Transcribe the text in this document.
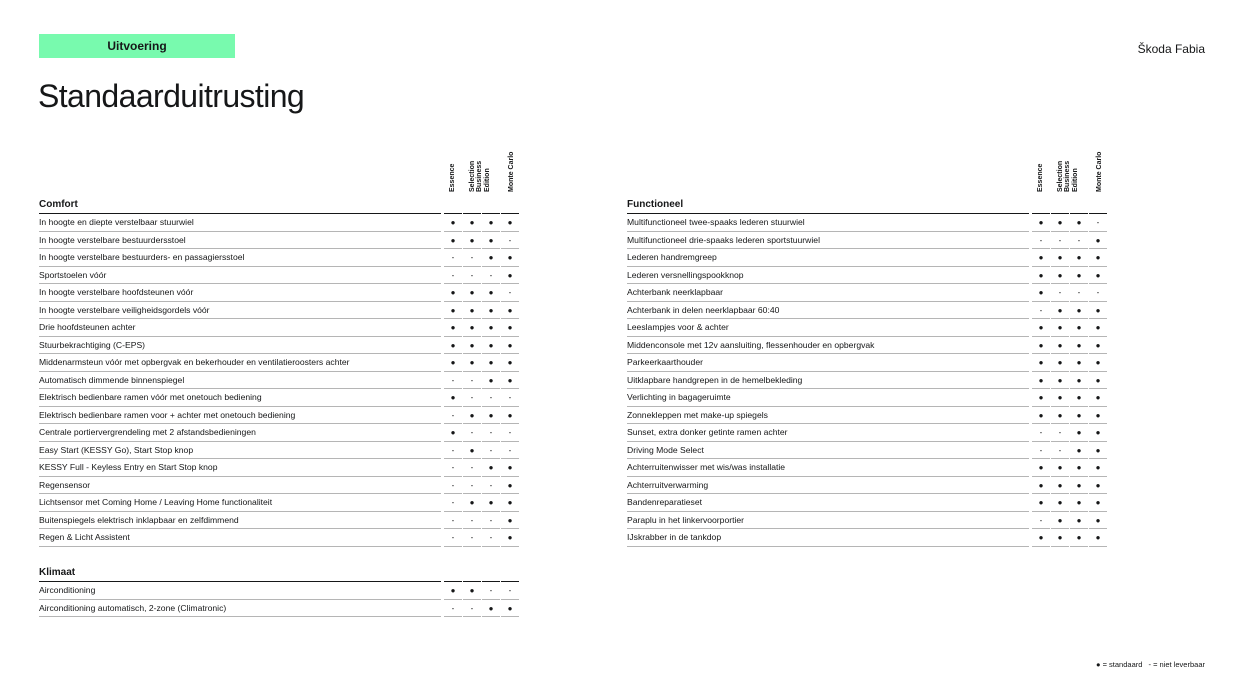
Uitvoering	Škoda Fabia
Standaarduitrusting
Essence Selection Business Edition Monte Carlo	Essence Selection Business Edition Monte Carlo
Comfort
In hoogte en diepte verstelbaar stuurwiel	●	●	●	●
In hoogte verstelbare bestuurdersstoel	●	●	●	-
In hoogte verstelbare bestuurders- en passagiersstoel	-	-	●	●
Sportstoelen vóór	-	-	-	●
In hoogte verstelbare hoofdsteunen vóór	●	●	●	-
In hoogte verstelbare veiligheidsgordels vóór	●	●	●	●
Drie hoofdsteunen achter	●	●	●	●
Stuurbekrachtiging (C-EPS)	●	●	●	●
Middenarmsteun vóór met opbergvak en bekerhouder en ventilatieroosters achter	●	●	●	●
Automatisch dimmende binnenspiegel	-	-	●	●
Elektrisch bedienbare ramen vóór met onetouch bediening	●	-	-	-
Elektrisch bedienbare ramen voor + achter met onetouch bediening	-	●	●	●
Centrale portiervergrendeling met 2 afstandsbedieningen	●	-	-	-
Easy Start (KESSY Go), Start Stop knop	-	●	-	-
KESSY Full - Keyless Entry en Start Stop knop	-	-	●	●
Regensensor	-	-	-	●
Lichtsensor met Coming Home / Leaving Home functionaliteit	-	●	●	●
Buitenspiegels elektrisch inklapbaar en zelfdimmend	-	-	-	●
Regen & Licht Assistent	-	-	-	●
Klimaat
Airconditioning	●	●	-	-
Airconditioning automatisch, 2-zone (Climatronic)	-	-	●	●
Functioneel
Multifunctioneel twee-spaaks lederen stuurwiel	●	●	●	-
Multifunctioneel drie-spaaks lederen sportstuurwiel	-	-	-	●
Lederen handremgreep	●	●	●	●
Lederen versnellingspookknop	●	●	●	●
Achterbank neerklapbaar	●	-	-	-
Achterbank in delen neerklapbaar 60:40	-	●	●	●
Leeslampjes voor & achter	●	●	●	●
Middenconsole met 12v aansluiting, flessenhouder en opbergvak	●	●	●	●
Parkeerkaarthouder	●	●	●	●
Uitklapbare handgrepen in de hemelbekleding	●	●	●	●
Verlichting in bagageruimte	●	●	●	●
Zonnekleppen met make-up spiegels	●	●	●	●
Sunset, extra donker getinte ramen achter	-	-	●	●
Driving Mode Select	-	-	●	●
Achterruitenwisser met wis/was installatie	●	●	●	●
Achterruitverwarming	●	●	●	●
Bandenreparatieset	●	●	●	●
Paraplu in het linkervoorportier	-	●	●	●
IJskrabber in de tankdop	●	●	●	●
● = standaard - = niet leverbaar
